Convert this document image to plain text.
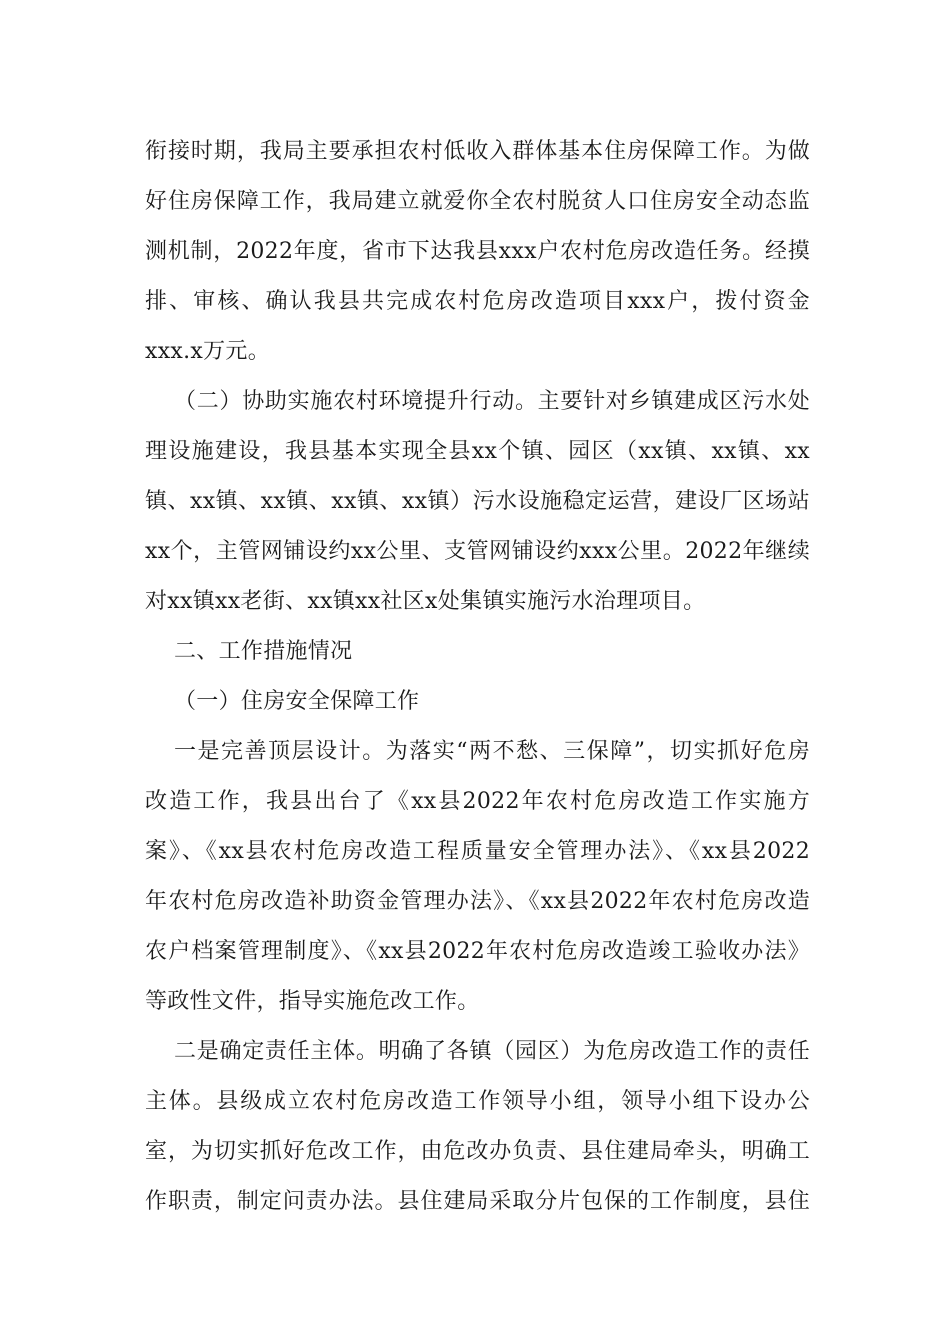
衔接时期，我局主要承担农村低收入群体基本住房保障工作。为做
好住房保障工作，我局建立就爱你全农村脱贫人口住房安全动态监
测机制，2022年度，省市下达我县xxx户农村危房改造任务。经摸
排、审核、确认我县共完成农村危房改造项目xxx户，拨付资金
xxx.x万元。
（二）协助实施农村环境提升行动。主要针对乡镇建成区污水处
理设施建设，我县基本实现全县xx个镇、园区（xx镇、xx镇、xx
镇、xx镇、xx镇、xx镇、xx镇）污水设施稳定运营，建设厂区场站
xx个，主管网铺设约xx公里、支管网铺设约xxx公里。2022年继续
对xx镇xx老街、xx镇xx社区x处集镇实施污水治理项目。
二、工作措施情况
（一）住房安全保障工作
一是完善顶层设计。为落实“两不愁、三保障”，切实抓好危房
改造工作，我县出台了《xx县2022年农村危房改造工作实施方
案》、《xx县农村危房改造工程质量安全管理办法》、《xx县2022
年农村危房改造补助资金管理办法》、《xx县2022年农村危房改造
农户档案管理制度》、《xx县2022年农村危房改造竣工验收办法》
等政性文件，指导实施危改工作。
二是确定责任主体。明确了各镇（园区）为危房改造工作的责任
主体。县级成立农村危房改造工作领导小组，领导小组下设办公
室，为切实抓好危改工作，由危改办负责、县住建局牵头，明确工
作职责，制定问责办法。县住建局采取分片包保的工作制度，县住
